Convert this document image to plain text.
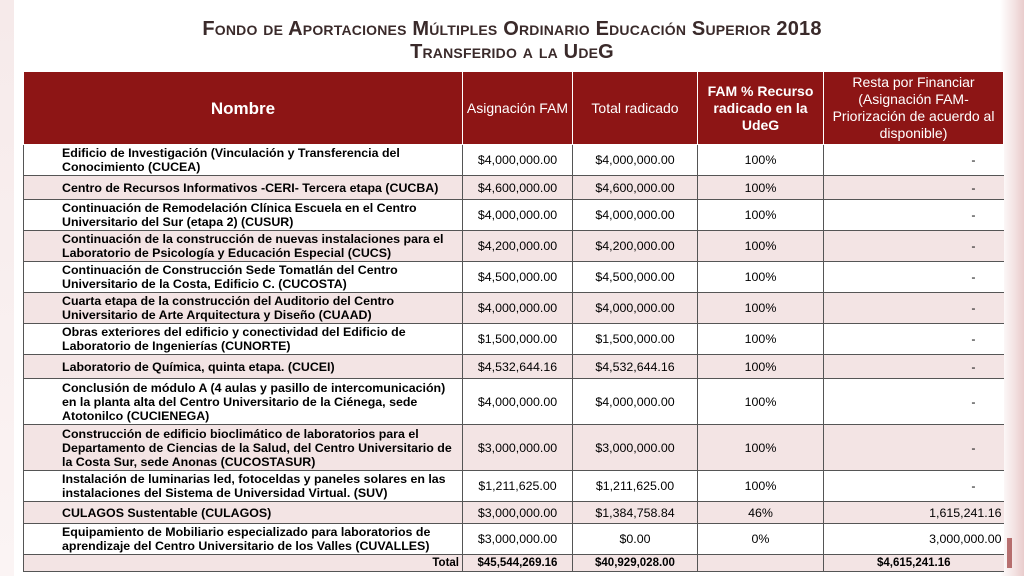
Fondo de Aportaciones Múltiples Ordinario Educación Superior 2018
Transferido a la UdeG
Nombre	Asignación FAM	Total radicado	FAM % Recurso radicado en la UdeG	Resta por Financiar (Asignación FAM- Priorización de acuerdo al disponible)
Edificio de Investigación (Vinculación y Transferencia del Conocimiento (CUCEA)	$4,000,000.00	$4,000,000.00	100%	-
Centro de Recursos Informativos -CERI- Tercera etapa (CUCBA)	$4,600,000.00	$4,600,000.00	100%	-
Continuación de Remodelación Clínica Escuela en el Centro Universitario del Sur (etapa 2) (CUSUR)	$4,000,000.00	$4,000,000.00	100%	-
Continuación de la construcción de nuevas instalaciones para el Laboratorio de Psicología y Educación Especial (CUCS)	$4,200,000.00	$4,200,000.00	100%	-
Continuación de Construcción Sede Tomatlán del Centro Universitario de la Costa, Edificio C. (CUCOSTA)	$4,500,000.00	$4,500,000.00	100%	-
Cuarta etapa de la construcción del Auditorio del Centro Universitario de Arte Arquitectura y Diseño (CUAAD)	$4,000,000.00	$4,000,000.00	100%	-
Obras exteriores del edificio y conectividad del Edificio de Laboratorio de Ingenierías (CUNORTE)	$1,500,000.00	$1,500,000.00	100%	-
Laboratorio de Química, quinta etapa. (CUCEI)	$4,532,644.16	$4,532,644.16	100%	-
Conclusión de módulo A (4 aulas y pasillo de intercomunicación) en la planta alta del Centro Universitario de la Ciénega, sede Atotonilco (CUCIENEGA)	$4,000,000.00	$4,000,000.00	100%	-
Construcción de edificio bioclimático de laboratorios para el Departamento de Ciencias de la Salud, del Centro Universitario de la Costa Sur, sede Anonas (CUCOSTASUR)	$3,000,000.00	$3,000,000.00	100%	-
Instalación de luminarias led, fotoceldas y paneles solares en las instalaciones del Sistema de Universidad Virtual. (SUV)	$1,211,625.00	$1,211,625.00	100%	-
CULAGOS Sustentable (CULAGOS)	$3,000,000.00	$1,384,758.84	46%	1,615,241.16
Equipamiento de Mobiliario especializado para laboratorios de aprendizaje del Centro Universitario de los Valles (CUVALLES)	$3,000,000.00	$0.00	0%	3,000,000.00
Total	$45,544,269.16	$40,929,028.00		$4,615,241.16
